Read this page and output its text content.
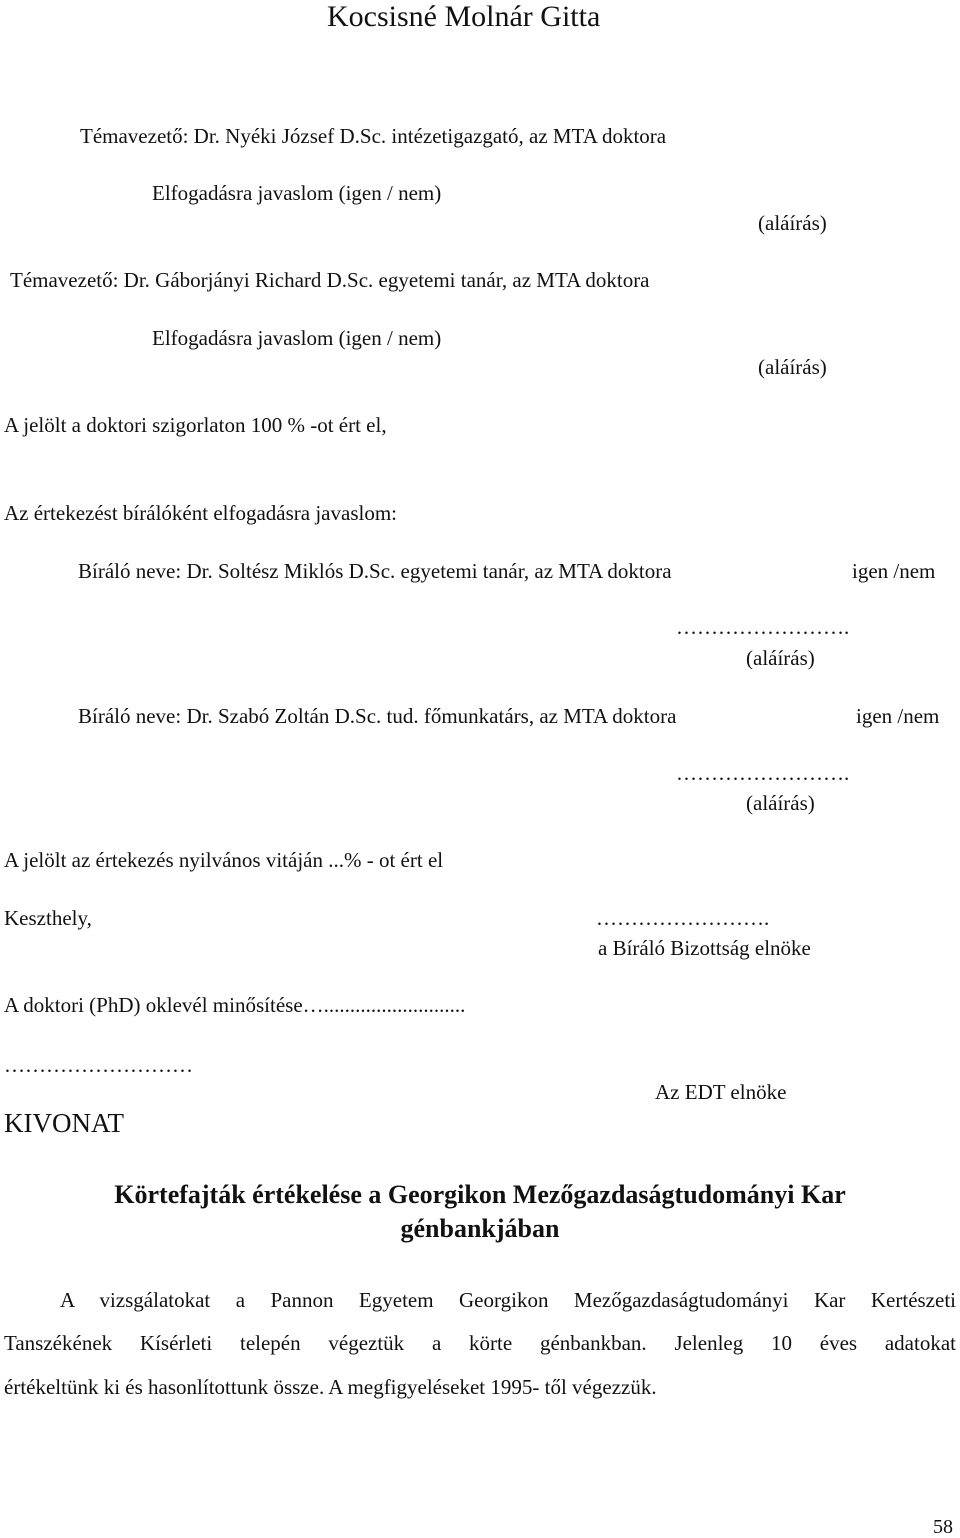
Kocsisné Molnár Gitta
Témavezető: Dr. Nyéki József D.Sc. intézetigazgató, az MTA doktora
Elfogadásra javaslom (igen / nem)
(aláírás)
Témavezető: Dr. Gáborjányi Richard D.Sc. egyetemi tanár, az MTA doktora
Elfogadásra javaslom (igen / nem)
(aláírás)
A jelölt a doktori szigorlaton 100 % -ot ért el,
Az értekezést bírálóként elfogadásra javaslom:
Bíráló neve: Dr. Soltész Miklós D.Sc. egyetemi tanár, az MTA doktora	igen /nem
…………………….
(aláírás)
Bíráló neve: Dr. Szabó Zoltán D.Sc. tud. főmunkatárs, az MTA doktora	igen /nem
…………………….
(aláírás)
A jelölt az értekezés nyilvános vitáján ...% - ot ért el
Keszthely,	…………………….
a Bíráló Bizottság elnöke
A doktori (PhD) oklevél minősítése…...........................
………………………
Az EDT elnöke
KIVONAT
Körtefajták értékelése a Georgikon Mezőgazdaságtudományi Kar génbankjában
A vizsgálatokat a Pannon Egyetem Georgikon Mezőgazdaságtudományi Kar Kertészeti
Tanszékének Kísérleti telepén végeztük a körte génbankban. Jelenleg 10 éves adatokat
értékeltünk ki és hasonlítottunk össze. A megfigyeléseket 1995- től végezzük.
58
